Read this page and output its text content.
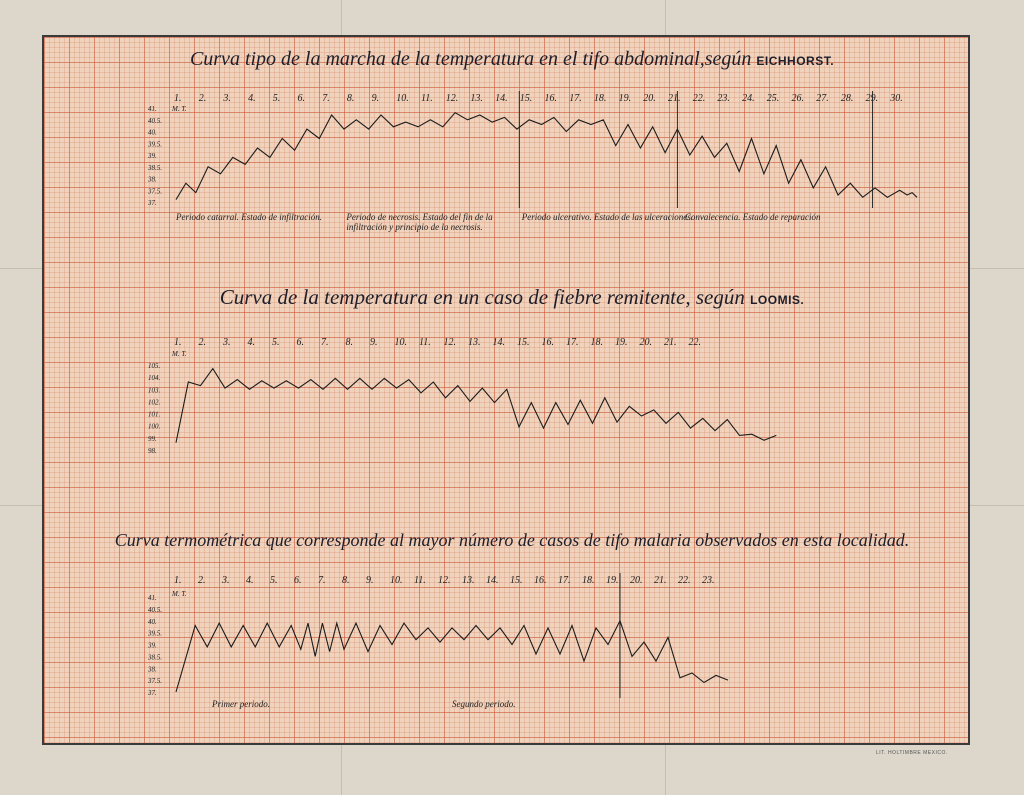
Curva tipo de la marcha de la temperatura en el tifo abdominal,según EICHHORST.
Curva de la temperatura en un caso de fiebre remitente, según LOOMIS.
Curva termométrica que corresponde al mayor número de casos de tifo malaria observados en esta localidad.
1. 2. 3. 4. 5. 6. 7. 8. 9. 10. 11. 12. 13. 14. 15. 16. 17. 18. 19. 20. 21. 22. 23. 24. 25. 26. 27. 28. 29. 30.
M. T.
41.
40.5.
40.
39.5.
39.
38.5.
38.
37.5.
37.
Periodo catarral. Estado de infiltración.	Periodo de necrosis. Estado del fin de la
infiltración y principio de la necrosis.
Periodo ulcerativo. Estado de las ulceraciones.
Convalecencia. Estado de reparación
1. 2. 3. 4. 5. 6. 7. 8. 9. 10. 11. 12. 13. 14. 15. 16. 17. 18. 19. 20. 21. 22.
M. T.
105.
104.
103.
102.
101.
100.
99.
98.
1. 2. 3. 4. 5. 6. 7. 8. 9. 10. 11. 12. 13. 14. 15. 16. 17. 18. 19. 20. 21. 22. 23.
M. T.
41.
40.5.
40.
39.5.
39.
38.5.
38.
37.5.
37.
Primer periodo.	Segundo periodo.
LIT. HOLTIMBRE MEXICO.
